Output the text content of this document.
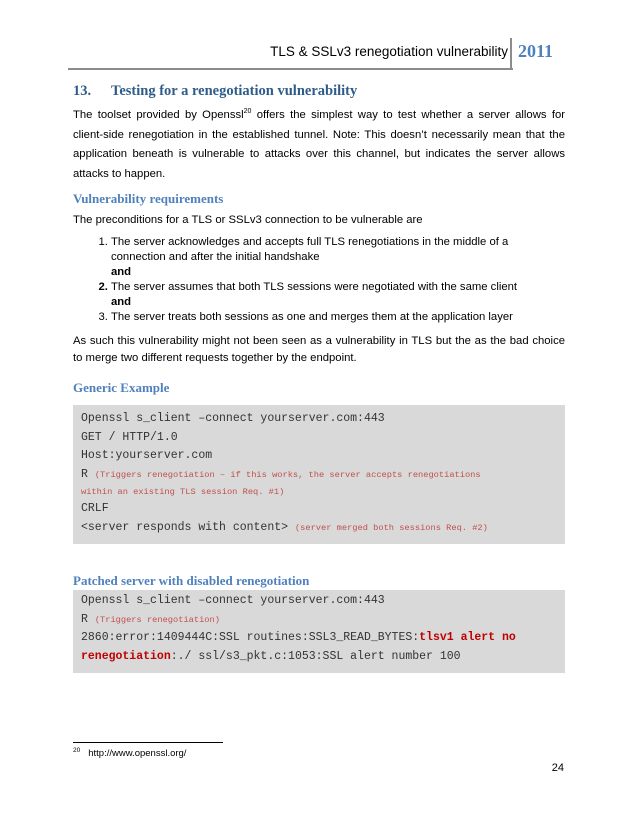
TLS & SSLv3 renegotiation vulnerability 2011
13. Testing for a renegotiation vulnerability

The toolset provided by Openssl$^{20}$ offers the simplest way to test whether a server allows for client-side renegotiation in the established tunnel. Note: This doesn’t necessarily mean that the application beneath is vulnerable to attacks over this channel, but indicates the server allows attacks to happen.

Vulnerability requirements

The preconditions for a TLS or SSLv3 connection to be vulnerable are

1. The server acknowledges and accepts full TLS renegotiations in the middle of a connection and after the initial handshake
and
2. The server assumes that both TLS sessions were negotiated with the same client
and
3. The server treats both sessions as one and merges them at the application layer

As such this vulnerability might not been seen as a vulnerability in TLS but the as the bad choice to merge two different requests together by the endpoint.

Generic Example
Openssl s_client –connect yourserver.com:443
GET / HTTP/1.0
Host:yourserver.com
R (Triggers renegotiation – if this works, the server accepts renegotiations
within an existing TLS session Req. #1)
CRLF
<server responds with content> (server merged both sessions Req. #2)
Patched server with disabled renegotiation
Openssl s_client –connect yourserver.com:443
R (Triggers renegotiation)
2860:error:1409444C:SSL routines:SSL3_READ_BYTES:tlsv1 alert no
renegotiation:./ ssl/s3_pkt.c:1053:SSL alert number 100
$^{20}$ http://www.openssl.org/
24
